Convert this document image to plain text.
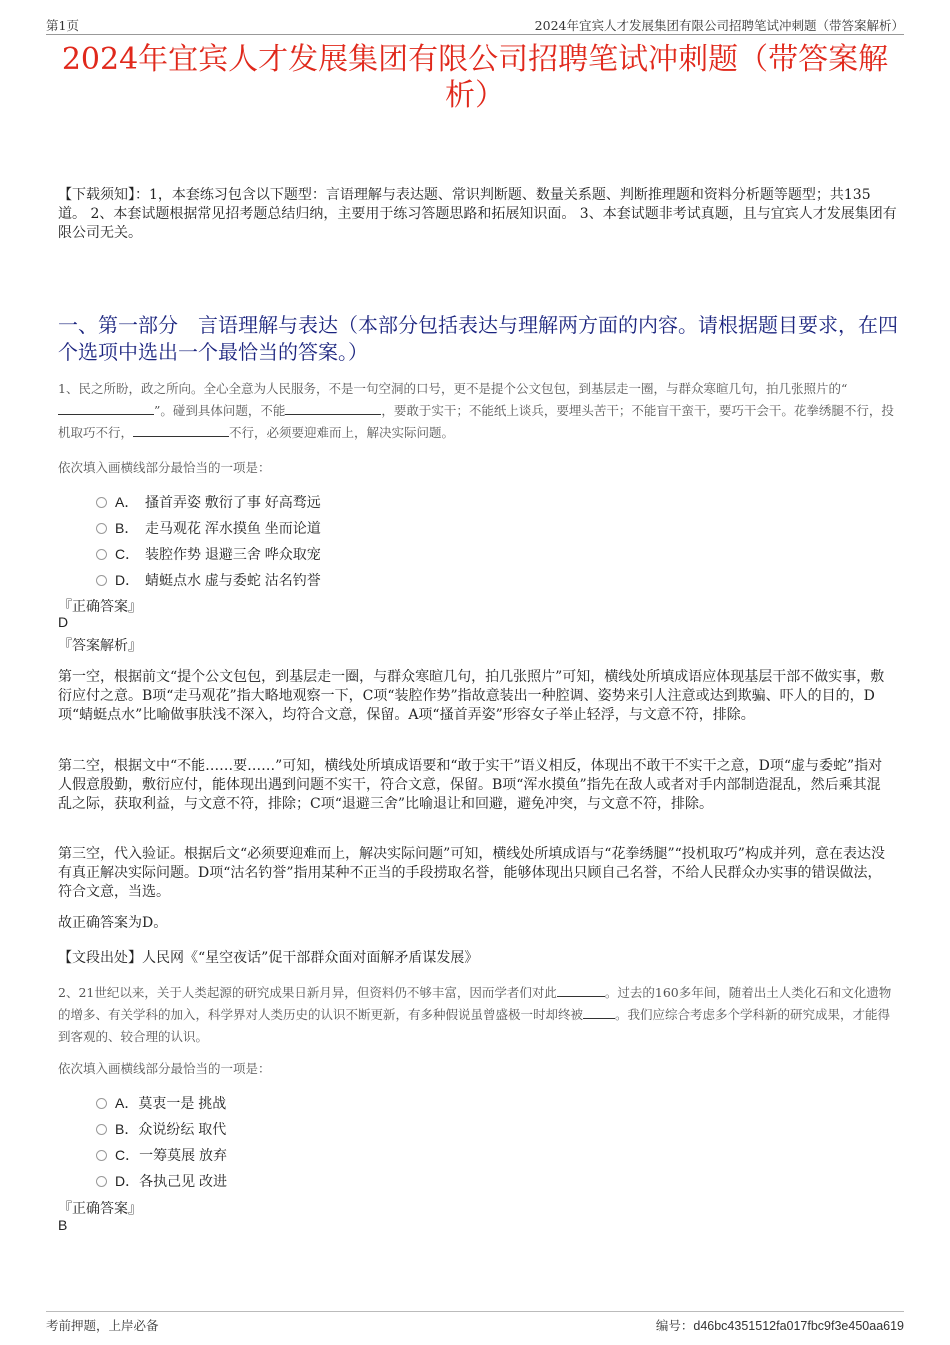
第1页	2024年宜宾人才发展集团有限公司招聘笔试冲刺题（带答案解析）
2024年宜宾人才发展集团有限公司招聘笔试冲刺题（带答案解析）
【下载须知】：1，本套练习包含以下题型：言语理解与表达题、常识判断题、数量关系题、判断推理题和资料分析题等题型；共135道。 2、本套试题根据常见招考题总结归纳，主要用于练习答题思路和拓展知识面。 3、本套试题非考试真题，且与宜宾人才发展集团有限公司无关。
一、第一部分　言语理解与表达（本部分包括表达与理解两方面的内容。请根据题目要求，在四个选项中选出一个最恰当的答案。）
1、民之所盼，政之所向。全心全意为人民服务，不是一句空洞的口号，更不是提个公文包包，到基层走一圈，与群众寒暄几句，拍几张照片的“”。碰到具体问题，不能	，要敢于实干；不能纸上谈兵，要埋头苦干；不能盲干蛮干，要巧干会干。花拳绣腿不行，投机取巧不行，	不行，必须要迎难而上，解决实际问题。
依次填入画横线部分最恰当的一项是：
A． 搔首弄姿 敷衍了事 好高骛远
B． 走马观花 浑水摸鱼 坐而论道
C． 装腔作势 退避三舍 哗众取宠
D． 蜻蜓点水 虚与委蛇 沽名钓誉
『正确答案』
D
『答案解析』
第一空，根据前文“提个公文包包，到基层走一圈，与群众寒暄几句，拍几张照片”可知，横线处所填成语应体现基层干部不做实事，敷衍应付之意。B项“走马观花”指大略地观察一下，C项“装腔作势”指故意装出一种腔调、姿势来引人注意或达到欺骗、吓人的目的，D项“蜻蜓点水”比喻做事肤浅不深入，均符合文意，保留。A项“搔首弄姿”形容女子举止轻浮，与文意不符，排除。
第二空，根据文中“不能……要……”可知，横线处所填成语要和“敢于实干”语义相反，体现出不敢干不实干之意，D项“虚与委蛇”指对人假意殷勤，敷衍应付，能体现出遇到问题不实干，符合文意，保留。B项“浑水摸鱼”指先在敌人或者对手内部制造混乱，然后乘其混乱之际，获取利益，与文意不符，排除；C项“退避三舍”比喻退让和回避，避免冲突，与文意不符，排除。
第三空，代入验证。根据后文“必须要迎难而上，解决实际问题”可知，横线处所填成语与“花拳绣腿”“投机取巧”构成并列，意在表达没有真正解决实际问题。D项“沽名钓誉”指用某种不正当的手段捞取名誉，能够体现出只顾自己名誉，不给人民群众办实事的错误做法，符合文意，当选。
故正确答案为D。
【文段出处】人民网《“星空夜话”促干部群众面对面解矛盾谋发展》
2、21世纪以来，关于人类起源的研究成果日新月异，但资料仍不够丰富，因而学者们对此	。过去的160多年间，随着出土人类化石和文化遗物的增多、有关学科的加入，科学界对人类历史的认识不断更新，有多种假说虽曾盛极一时却终被	。我们应综合考虑多个学科新的研究成果，才能得到客观的、较合理的认识。
依次填入画横线部分最恰当的一项是：
A．莫衷一是 挑战
B．众说纷纭 取代
C．一筹莫展 放弃
D．各执己见 改进
『正确答案』
B
考前押题，上岸必备	编号：d46bc4351512fa017fbc9f3e450aa619
